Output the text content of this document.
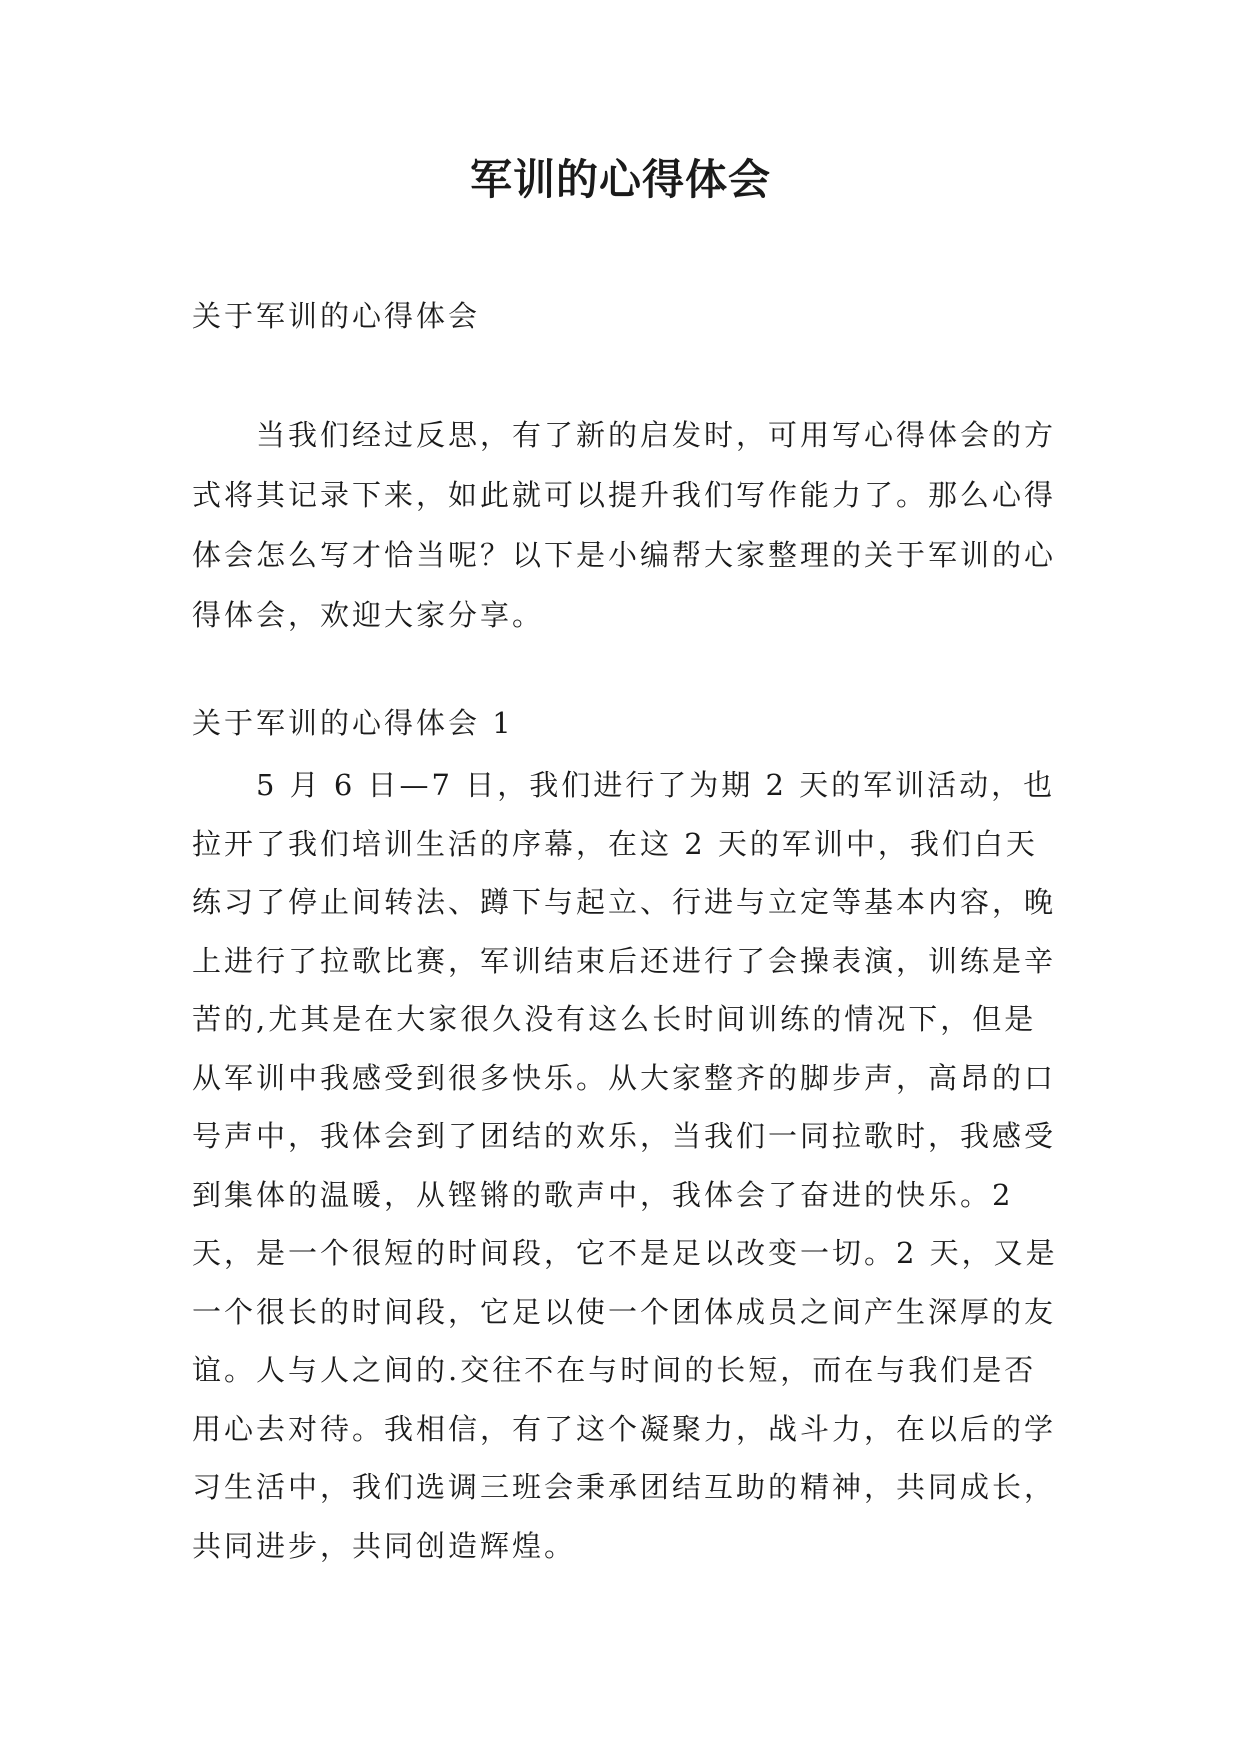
军训的心得体会

关于军训的心得体会

当我们经过反思，有了新的启发时，可用写心得体会的方式将其记录下来，如此就可以提升我们写作能力了。那么心得体会怎么写才恰当呢？以下是小编帮大家整理的关于军训的心得体会，欢迎大家分享。

关于军训的心得体会 1

5 月 6 日—7 日，我们进行了为期 2 天的军训活动，也拉开了我们培训生活的序幕，在这 2 天的军训中，我们白天练习了停止间转法、蹲下与起立、行进与立定等基本内容，晚上进行了拉歌比赛，军训结束后还进行了会操表演，训练是辛苦的,尤其是在大家很久没有这么长时间训练的情况下，但是从军训中我感受到很多快乐。从大家整齐的脚步声，高昂的口号声中，我体会到了团结的欢乐，当我们一同拉歌时，我感受到集体的温暖，从铿锵的歌声中，我体会了奋进的快乐。2 天，是一个很短的时间段，它不是足以改变一切。2 天，又是一个很长的时间段，它足以使一个团体成员之间产生深厚的友谊。人与人之间的.交往不在与时间的长短，而在与我们是否用心去对待。我相信，有了这个凝聚力，战斗力，在以后的学习生活中，我们选调三班会秉承团结互助的精神，共同成长，共同进步，共同创造辉煌。
